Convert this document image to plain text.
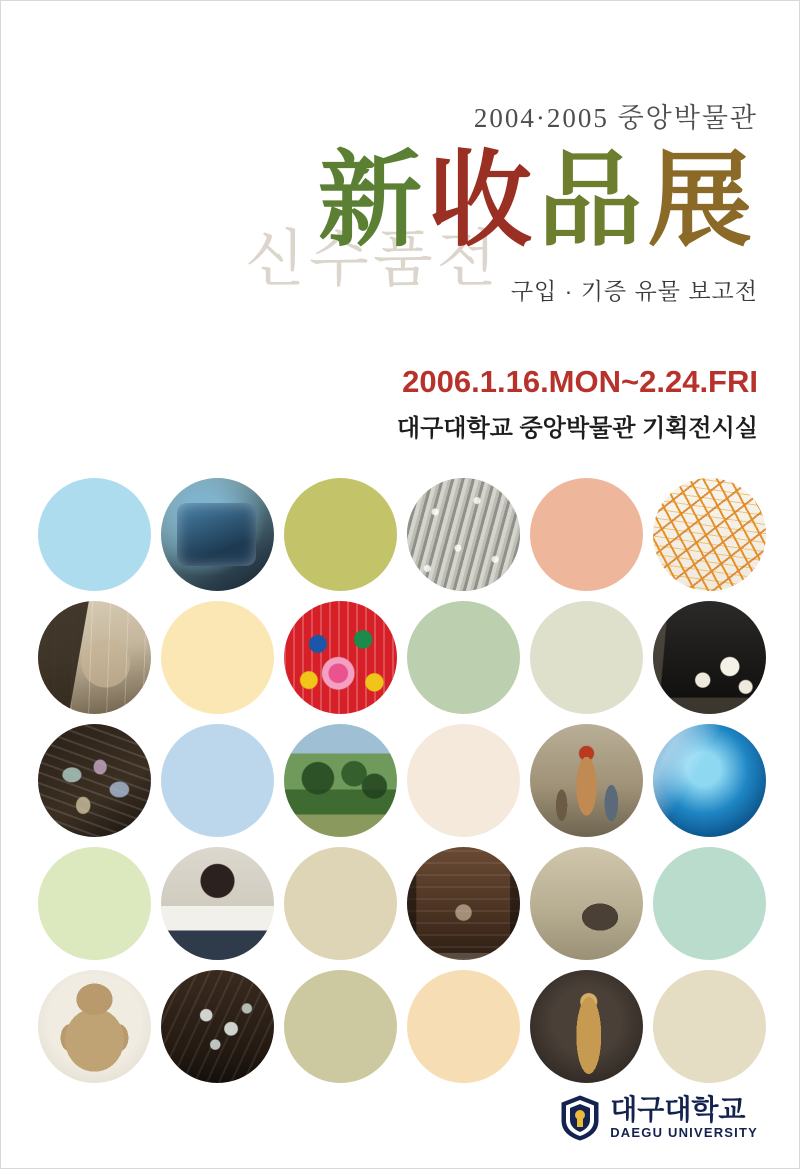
2004·2005 중앙박물관
신수품전
新收品展
구입 · 기증 유물 보고전
2006.1.16.MON~2.24.FRI
대구대학교 중앙박물관 기획전시실
대구대학교
DAEGU UNIVERSITY
